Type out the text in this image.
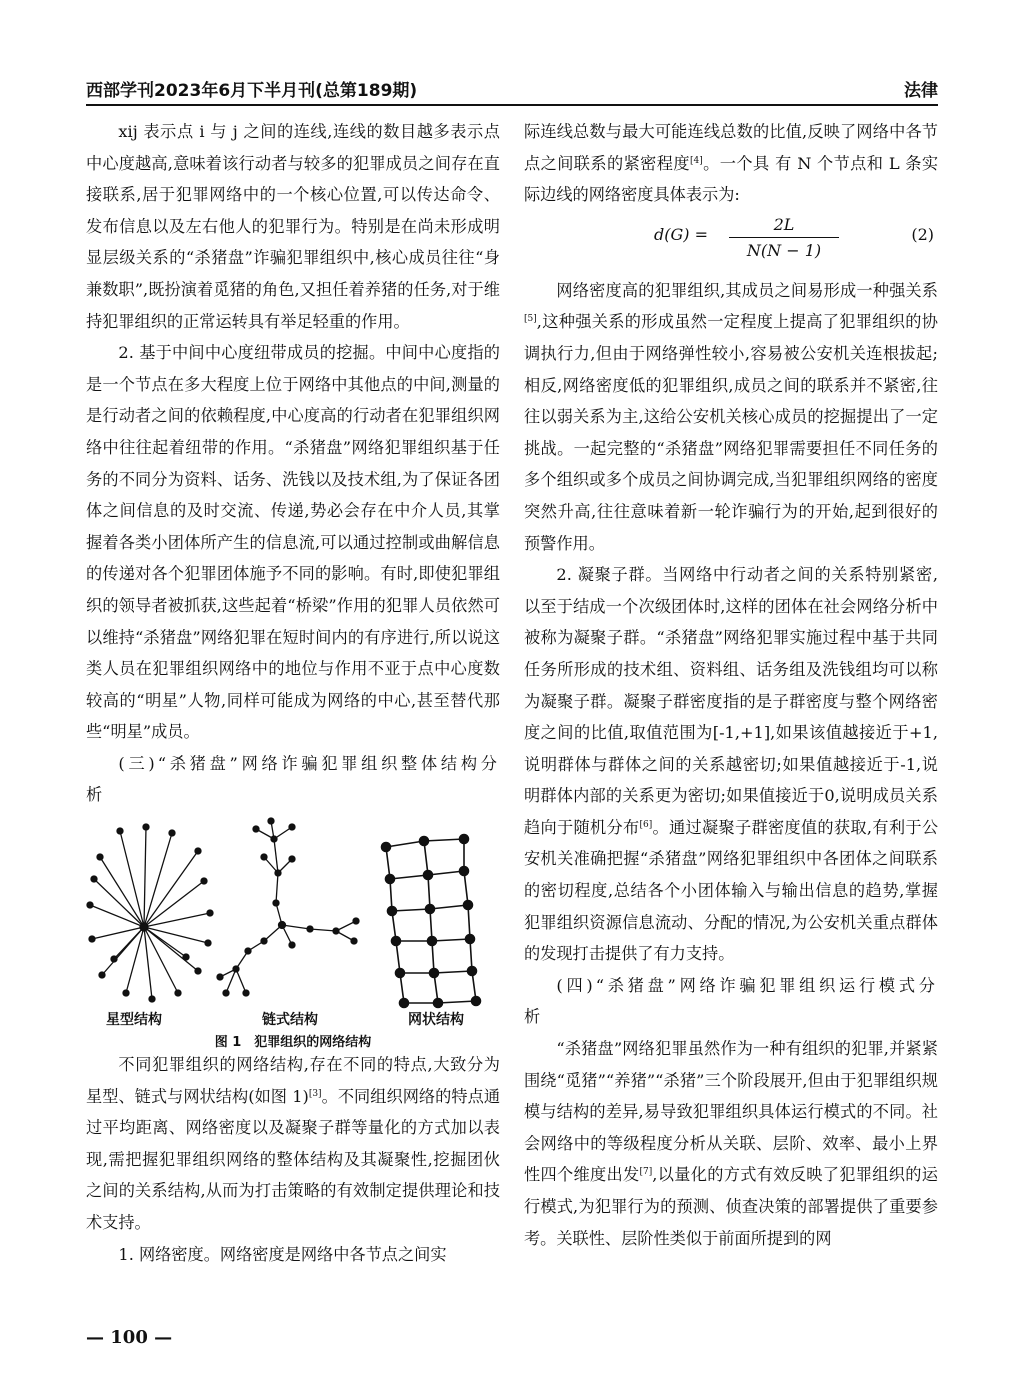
西部学刊2023年6月下半月刊(总第189期)	法律

xij 表示点 i 与 j 之间的连线,连线的数目越多表示点中心度越高,意味着该行动者与较多的犯罪成员之间存在直接联系,居于犯罪网络中的一个核心位置,可以传达命令、发布信息以及左右他人的犯罪行为。特别是在尚未形成明显层级关系的“杀猪盘”诈骗犯罪组织中,核心成员往往“身兼数职”,既扮演着觅猪的角色,又担任着养猪的任务,对于维持犯罪组织的正常运转具有举足轻重的作用。

2. 基于中间中心度纽带成员的挖掘。中间中心度指的是一个节点在多大程度上位于网络中其他点的中间,测量的是行动者之间的依赖程度,中心度高的行动者在犯罪组织网络中往往起着纽带的作用。“杀猪盘”网络犯罪组织基于任务的不同分为资料、话务、洗钱以及技术组,为了保证各团体之间信息的及时交流、传递,势必会存在中介人员,其掌握着各类小团体所产生的信息流,可以通过控制或曲解信息的传递对各个犯罪团体施予不同的影响。有时,即使犯罪组织的领导者被抓获,这些起着“桥梁”作用的犯罪人员依然可以维持“杀猪盘”网络犯罪在短时间内的有序进行,所以说这类人员在犯罪组织网络中的地位与作用不亚于点中心度数较高的“明星”人物,同样可能成为网络的中心,甚至替代那些“明星”成员。

(三)“杀猪盘”网络诈骗犯罪组织整体结构分析

星型结构	链式结构	网状结构
图 1　犯罪组织的网络结构

不同犯罪组织的网络结构,存在不同的特点,大致分为星型、链式与网状结构(如图 1)[3]。不同组织网络的特点通过平均距离、网络密度以及凝聚子群等量化的方式加以表现,需把握犯罪组织网络的整体结构及其凝聚性,挖掘团伙之间的关系结构,从而为打击策略的有效制定提供理论和技术支持。

1. 网络密度。网络密度是网络中各节点之间实

际连线总数与最大可能连线总数的比值,反映了网络中各节点之间联系的紧密程度[4]。一个具 有 N 个节点和 L 条实际边线的网络密度具体表示为:

$d(G) = \frac{2L}{N(N - 1)}$	(2)

网络密度高的犯罪组织,其成员之间易形成一种强关系[5],这种强关系的形成虽然一定程度上提高了犯罪组织的协调执行力,但由于网络弹性较小,容易被公安机关连根拔起;相反,网络密度低的犯罪组织,成员之间的联系并不紧密,往往以弱关系为主,这给公安机关核心成员的挖掘提出了一定挑战。一起完整的“杀猪盘”网络犯罪需要担任不同任务的多个组织或多个成员之间协调完成,当犯罪组织网络的密度突然升高,往往意味着新一轮诈骗行为的开始,起到很好的预警作用。

2. 凝聚子群。当网络中行动者之间的关系特别紧密,以至于结成一个次级团体时,这样的团体在社会网络分析中被称为凝聚子群。“杀猪盘”网络犯罪实施过程中基于共同任务所形成的技术组、资料组、话务组及洗钱组均可以称为凝聚子群。凝聚子群密度指的是子群密度与整个网络密度之间的比值,取值范围为[-1,+1],如果该值越接近于+1,说明群体与群体之间的关系越密切;如果值越接近于-1,说明群体内部的关系更为密切;如果值接近于0,说明成员关系趋向于随机分布[6]。通过凝聚子群密度值的获取,有利于公安机关准确把握“杀猪盘”网络犯罪组织中各团体之间联系的密切程度,总结各个小团体输入与输出信息的趋势,掌握犯罪组织资源信息流动、分配的情况,为公安机关重点群体的发现打击提供了有力支持。

(四)“杀猪盘”网络诈骗犯罪组织运行模式分析

“杀猪盘”网络犯罪虽然作为一种有组织的犯罪,并紧紧围绕“觅猪”“养猪”“杀猪”三个阶段展开,但由于犯罪组织规模与结构的差异,易导致犯罪组织具体运行模式的不同。社会网络中的等级程度分析从关联、层阶、效率、最小上界性四个维度出发[7],以量化的方式有效反映了犯罪组织的运行模式,为犯罪行为的预测、侦查决策的部署提供了重要参考。关联性、层阶性类似于前面所提到的网

— 100 —
